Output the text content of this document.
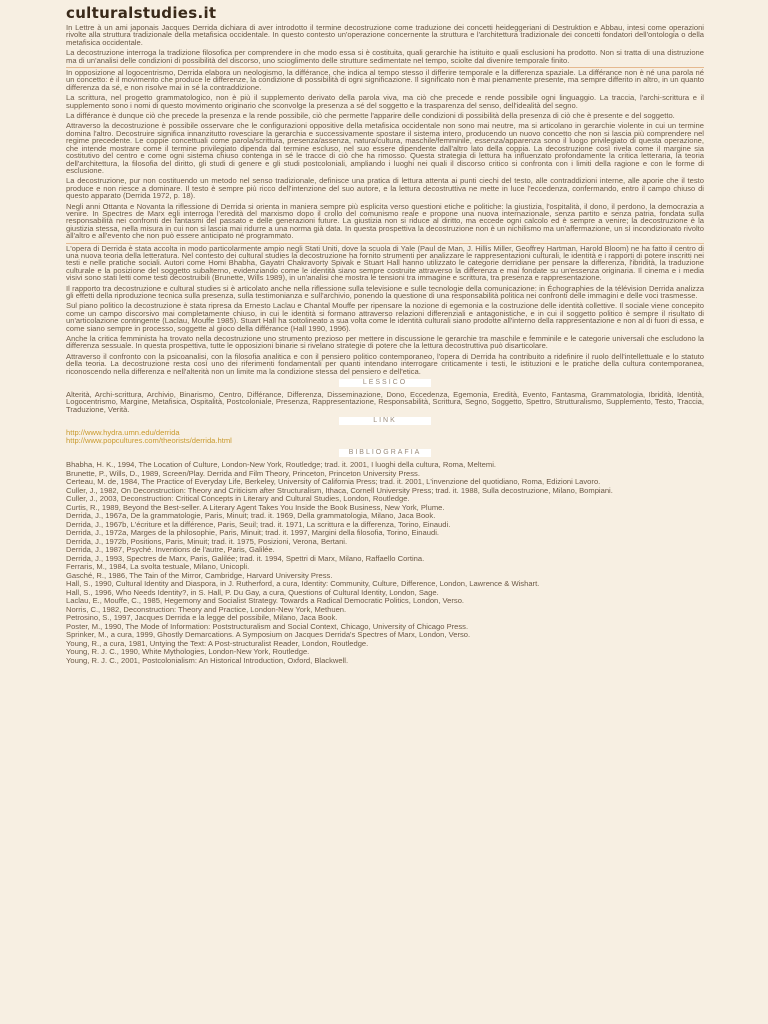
culturalstudies.it

In Lettre à un ami japonais Jacques Derrida dichiara di aver introdotto il termine decostruzione come traduzione dei concetti heideggeriani di Destruktion e Abbau, intesi come operazioni rivolte alla struttura tradizionale della metafisica occidentale. In questo contesto un'operazione concernente la struttura e l'architettura tradizionale dei concetti fondatori dell'ontologia o della metafisica occidentale.

La decostruzione interroga la tradizione filosofica per comprendere in che modo essa si è costituita, quali gerarchie ha istituito e quali esclusioni ha prodotto. Non si tratta di una distruzione ma di un'analisi delle condizioni di possibilità del discorso, uno scioglimento delle strutture sedimentate nel tempo, sciolte dal divenire temporale finito.

In opposizione al logocentrismo, Derrida elabora un neologismo, la différance, che indica al tempo stesso il differire temporale e la differenza spaziale. La différance non è né una parola né un concetto: è il movimento che produce le differenze, la condizione di possibilità di ogni significazione. Il significato non è mai pienamente presente, ma sempre differito in altro, in un quanto differenza da sé, e non risolve mai in sé la contraddizione.

La scrittura, nel progetto grammatologico, non è più il supplemento derivato della parola viva, ma ciò che precede e rende possibile ogni linguaggio. La traccia, l'archi-scrittura e il supplemento sono i nomi di questo movimento originario che sconvolge la presenza a sé del soggetto e la trasparenza del senso, dell'idealità del segno.

La différance è dunque ciò che precede la presenza e la rende possibile, ciò che permette l'apparire delle condizioni di possibilità della presenza di ciò che è presente e del soggetto.

Attraverso la decostruzione è possibile osservare che le configurazioni oppositive della metafisica occidentale non sono mai neutre, ma si articolano in gerarchie violente in cui un termine domina l'altro. Decostruire significa innanzitutto rovesciare la gerarchia e successivamente spostare il sistema intero, producendo un nuovo concetto che non si lascia più comprendere nel regime precedente. Le coppie concettuali come parola/scrittura, presenza/assenza, natura/cultura, maschile/femminile, essenza/apparenza sono il luogo privilegiato di questa operazione, che intende mostrare come il termine privilegiato dipenda dal termine escluso, nel suo essere dipendente dall'altro lato della coppia. La decostruzione così rivela come il margine sia costitutivo del centro e come ogni sistema chiuso contenga in sé le tracce di ciò che ha rimosso. Questa strategia di lettura ha influenzato profondamente la critica letteraria, la teoria dell'architettura, la filosofia del diritto, gli studi di genere e gli studi postcoloniali, ampliando i luoghi nei quali il discorso critico si confronta con i limiti della ragione e con le forme di esclusione.

La decostruzione, pur non costituendo un metodo nel senso tradizionale, definisce una pratica di lettura attenta ai punti ciechi del testo, alle contraddizioni interne, alle aporie che il testo produce e non riesce a dominare. Il testo è sempre più ricco dell'intenzione del suo autore, e la lettura decostruttiva ne mette in luce l'eccedenza, confermando, entro il campo chiuso di questo apparato (Derrida 1972, p. 18).

Negli anni Ottanta e Novanta la riflessione di Derrida si orienta in maniera sempre più esplicita verso questioni etiche e politiche: la giustizia, l'ospitalità, il dono, il perdono, la democrazia a venire. In Spectres de Marx egli interroga l'eredità del marxismo dopo il crollo del comunismo reale e propone una nuova internazionale, senza partito e senza patria, fondata sulla responsabilità nei confronti dei fantasmi del passato e delle generazioni future. La giustizia non si riduce al diritto, ma eccede ogni calcolo ed è sempre a venire; la decostruzione è la giustizia stessa, nella misura in cui non si lascia mai ridurre a una norma già data. In questa prospettiva la decostruzione non è un nichilismo ma un'affermazione, un sì incondizionato rivolto all'altro e all'evento che non può essere anticipato né programmato.

L'opera di Derrida è stata accolta in modo particolarmente ampio negli Stati Uniti, dove la scuola di Yale (Paul de Man, J. Hillis Miller, Geoffrey Hartman, Harold Bloom) ne ha fatto il centro di una nuova teoria della letteratura. Nel contesto dei cultural studies la decostruzione ha fornito strumenti per analizzare le rappresentazioni culturali, le identità e i rapporti di potere inscritti nei testi e nelle pratiche sociali. Autori come Homi Bhabha, Gayatri Chakravorty Spivak e Stuart Hall hanno utilizzato le categorie derridiane per pensare la differenza, l'ibridità, la traduzione culturale e la posizione del soggetto subalterno, evidenziando come le identità siano sempre costruite attraverso la differenza e mai fondate su un'essenza originaria. Il cinema e i media visivi sono stati letti come testi decostruibili (Brunette, Wills 1989), in un'analisi che mostra le tensioni tra immagine e scrittura, tra presenza e rappresentazione.

Il rapporto tra decostruzione e cultural studies si è articolato anche nella riflessione sulla televisione e sulle tecnologie della comunicazione: in Échographies de la télévision Derrida analizza gli effetti della riproduzione tecnica sulla presenza, sulla testimonianza e sull'archivio, ponendo la questione di una responsabilità politica nei confronti delle immagini e delle voci trasmesse.

Sul piano politico la decostruzione è stata ripresa da Ernesto Laclau e Chantal Mouffe per ripensare la nozione di egemonia e la costruzione delle identità collettive. Il sociale viene concepito come un campo discorsivo mai completamente chiuso, in cui le identità si formano attraverso relazioni differenziali e antagonistiche, e in cui il soggetto politico è sempre il risultato di un'articolazione contingente (Laclau, Mouffe 1985). Stuart Hall ha sottolineato a sua volta come le identità culturali siano prodotte all'interno della rappresentazione e non al di fuori di essa, e come siano sempre in processo, soggette al gioco della différance (Hall 1990, 1996).

Anche la critica femminista ha trovato nella decostruzione uno strumento prezioso per mettere in discussione le gerarchie tra maschile e femminile e le categorie universali che escludono la differenza sessuale. In questa prospettiva, tutte le opposizioni binarie si rivelano strategie di potere che la lettura decostruttiva può disarticolare.

Attraverso il confronto con la psicoanalisi, con la filosofia analitica e con il pensiero politico contemporaneo, l'opera di Derrida ha contribuito a ridefinire il ruolo dell'intellettuale e lo statuto della teoria. La decostruzione resta così uno dei riferimenti fondamentali per quanti intendano interrogare criticamente i testi, le istituzioni e le pratiche della cultura contemporanea, riconoscendo nella differenza e nell'alterità non un limite ma la condizione stessa del pensiero e dell'etica.

LESSICO

Alterità, Archi-scrittura, Archivio, Binarismo, Centro, Différance, Differenza, Disseminazione, Dono, Eccedenza, Egemonia, Eredità, Evento, Fantasma, Grammatologia, Ibridità, Identità, Logocentrismo, Margine, Metafisica, Ospitalità, Postcoloniale, Presenza, Rappresentazione, Responsabilità, Scrittura, Segno, Soggetto, Spettro, Strutturalismo, Supplemento, Testo, Traccia, Traduzione, Verità.

LINK

http://www.hydra.umn.edu/derrida

http://www.popcultures.com/theorists/derrida.html

BIBLIOGRAFIA

Bhabha, H. K., 1994, The Location of Culture, London-New York, Routledge; trad. it. 2001, I luoghi della cultura, Roma, Meltemi.

Brunette, P., Wills, D., 1989, Screen/Play. Derrida and Film Theory, Princeton, Princeton University Press.

Certeau, M. de, 1984, The Practice of Everyday Life, Berkeley, University of California Press; trad. it. 2001, L'invenzione del quotidiano, Roma, Edizioni Lavoro.

Culler, J., 1982, On Deconstruction: Theory and Criticism after Structuralism, Ithaca, Cornell University Press; trad. it. 1988, Sulla decostruzione, Milano, Bompiani.

Culler, J., 2003, Deconstruction: Critical Concepts in Literary and Cultural Studies, London, Routledge.

Curtis, R., 1989, Beyond the Best-seller. A Literary Agent Takes You Inside the Book Business, New York, Plume.

Derrida, J., 1967a, De la grammatologie, Paris, Minuit; trad. it. 1969, Della grammatologia, Milano, Jaca Book.

Derrida, J., 1967b, L'écriture et la différence, Paris, Seuil; trad. it. 1971, La scrittura e la differenza, Torino, Einaudi.

Derrida, J., 1972a, Marges de la philosophie, Paris, Minuit; trad. it. 1997, Margini della filosofia, Torino, Einaudi.

Derrida, J., 1972b, Positions, Paris, Minuit; trad. it. 1975, Posizioni, Verona, Bertani.

Derrida, J., 1987, Psyché. Inventions de l'autre, Paris, Galilée.

Derrida, J., 1993, Spectres de Marx, Paris, Galilée; trad. it. 1994, Spettri di Marx, Milano, Raffaello Cortina.

Ferraris, M., 1984, La svolta testuale, Milano, Unicopli.

Gasché, R., 1986, The Tain of the Mirror, Cambridge, Harvard University Press.

Hall, S., 1990, Cultural Identity and Diaspora, in J. Rutherford, a cura, Identity: Community, Culture, Difference, London, Lawrence & Wishart.

Hall, S., 1996, Who Needs Identity?, in S. Hall, P. Du Gay, a cura, Questions of Cultural Identity, London, Sage.

Laclau, E., Mouffe, C., 1985, Hegemony and Socialist Strategy. Towards a Radical Democratic Politics, London, Verso.

Norris, C., 1982, Deconstruction: Theory and Practice, London-New York, Methuen.

Petrosino, S., 1997, Jacques Derrida e la legge del possibile, Milano, Jaca Book.

Poster, M., 1990, The Mode of Information: Poststructuralism and Social Context, Chicago, University of Chicago Press.

Sprinker, M., a cura, 1999, Ghostly Demarcations. A Symposium on Jacques Derrida's Spectres of Marx, London, Verso.

Young, R., a cura, 1981, Untying the Text: A Post-structuralist Reader, London, Routledge.

Young, R. J. C., 1990, White Mythologies, London-New York, Routledge.

Young, R. J. C., 2001, Postcolonialism: An Historical Introduction, Oxford, Blackwell.
